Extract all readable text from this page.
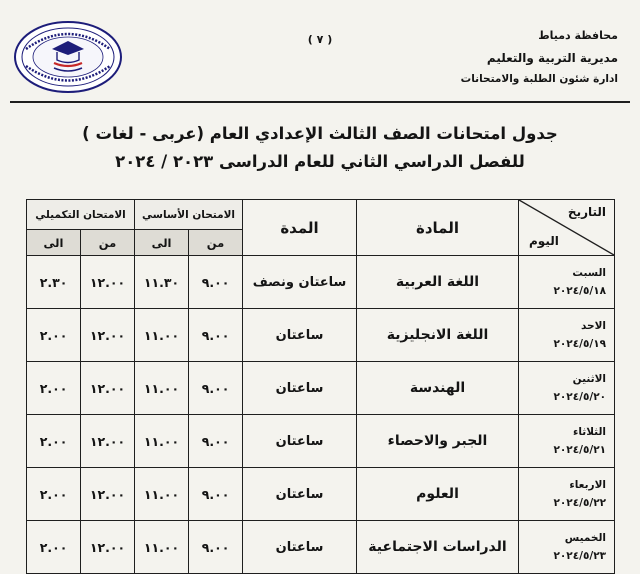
( ٧ )	محافظة دمياط
مديرية التربية والتعليم
ادارة شئون الطلبة والامتحانات
جدول امتحانات الصف الثالث الإعدادي العام (عربى - لغات )
للفصل الدراسي الثاني للعام الدراسى ٢٠٢٣ / ٢٠٢٤
التاريخ
اليوم	المادة	المدة	الامتحان الأساسي		الامتحان التكميلي	
			من	الى	من	الى

السبت
٢٠٢٤/٥/١٨	اللغة العربية	ساعتان ونصف	٩.٠٠	١١.٣٠	١٢.٠٠	٢.٣٠

الاحد
٢٠٢٤/٥/١٩	اللغة الانجليزية	ساعتان	٩.٠٠	١١.٠٠	١٢.٠٠	٢.٠٠

الاثنين
٢٠٢٤/٥/٢٠	الهندسة	ساعتان	٩.٠٠	١١.٠٠	١٢.٠٠	٢.٠٠

الثلاثاء
٢٠٢٤/٥/٢١	الجبر والاحصاء	ساعتان	٩.٠٠	١١.٠٠	١٢.٠٠	٢.٠٠

الاربعاء
٢٠٢٤/٥/٢٢	العلوم	ساعتان	٩.٠٠	١١.٠٠	١٢.٠٠	٢.٠٠

الخميس
٢٠٢٤/٥/٢٣	الدراسات الاجتماعية	ساعتان	٩.٠٠	١١.٠٠	١٢.٠٠	٢.٠٠
